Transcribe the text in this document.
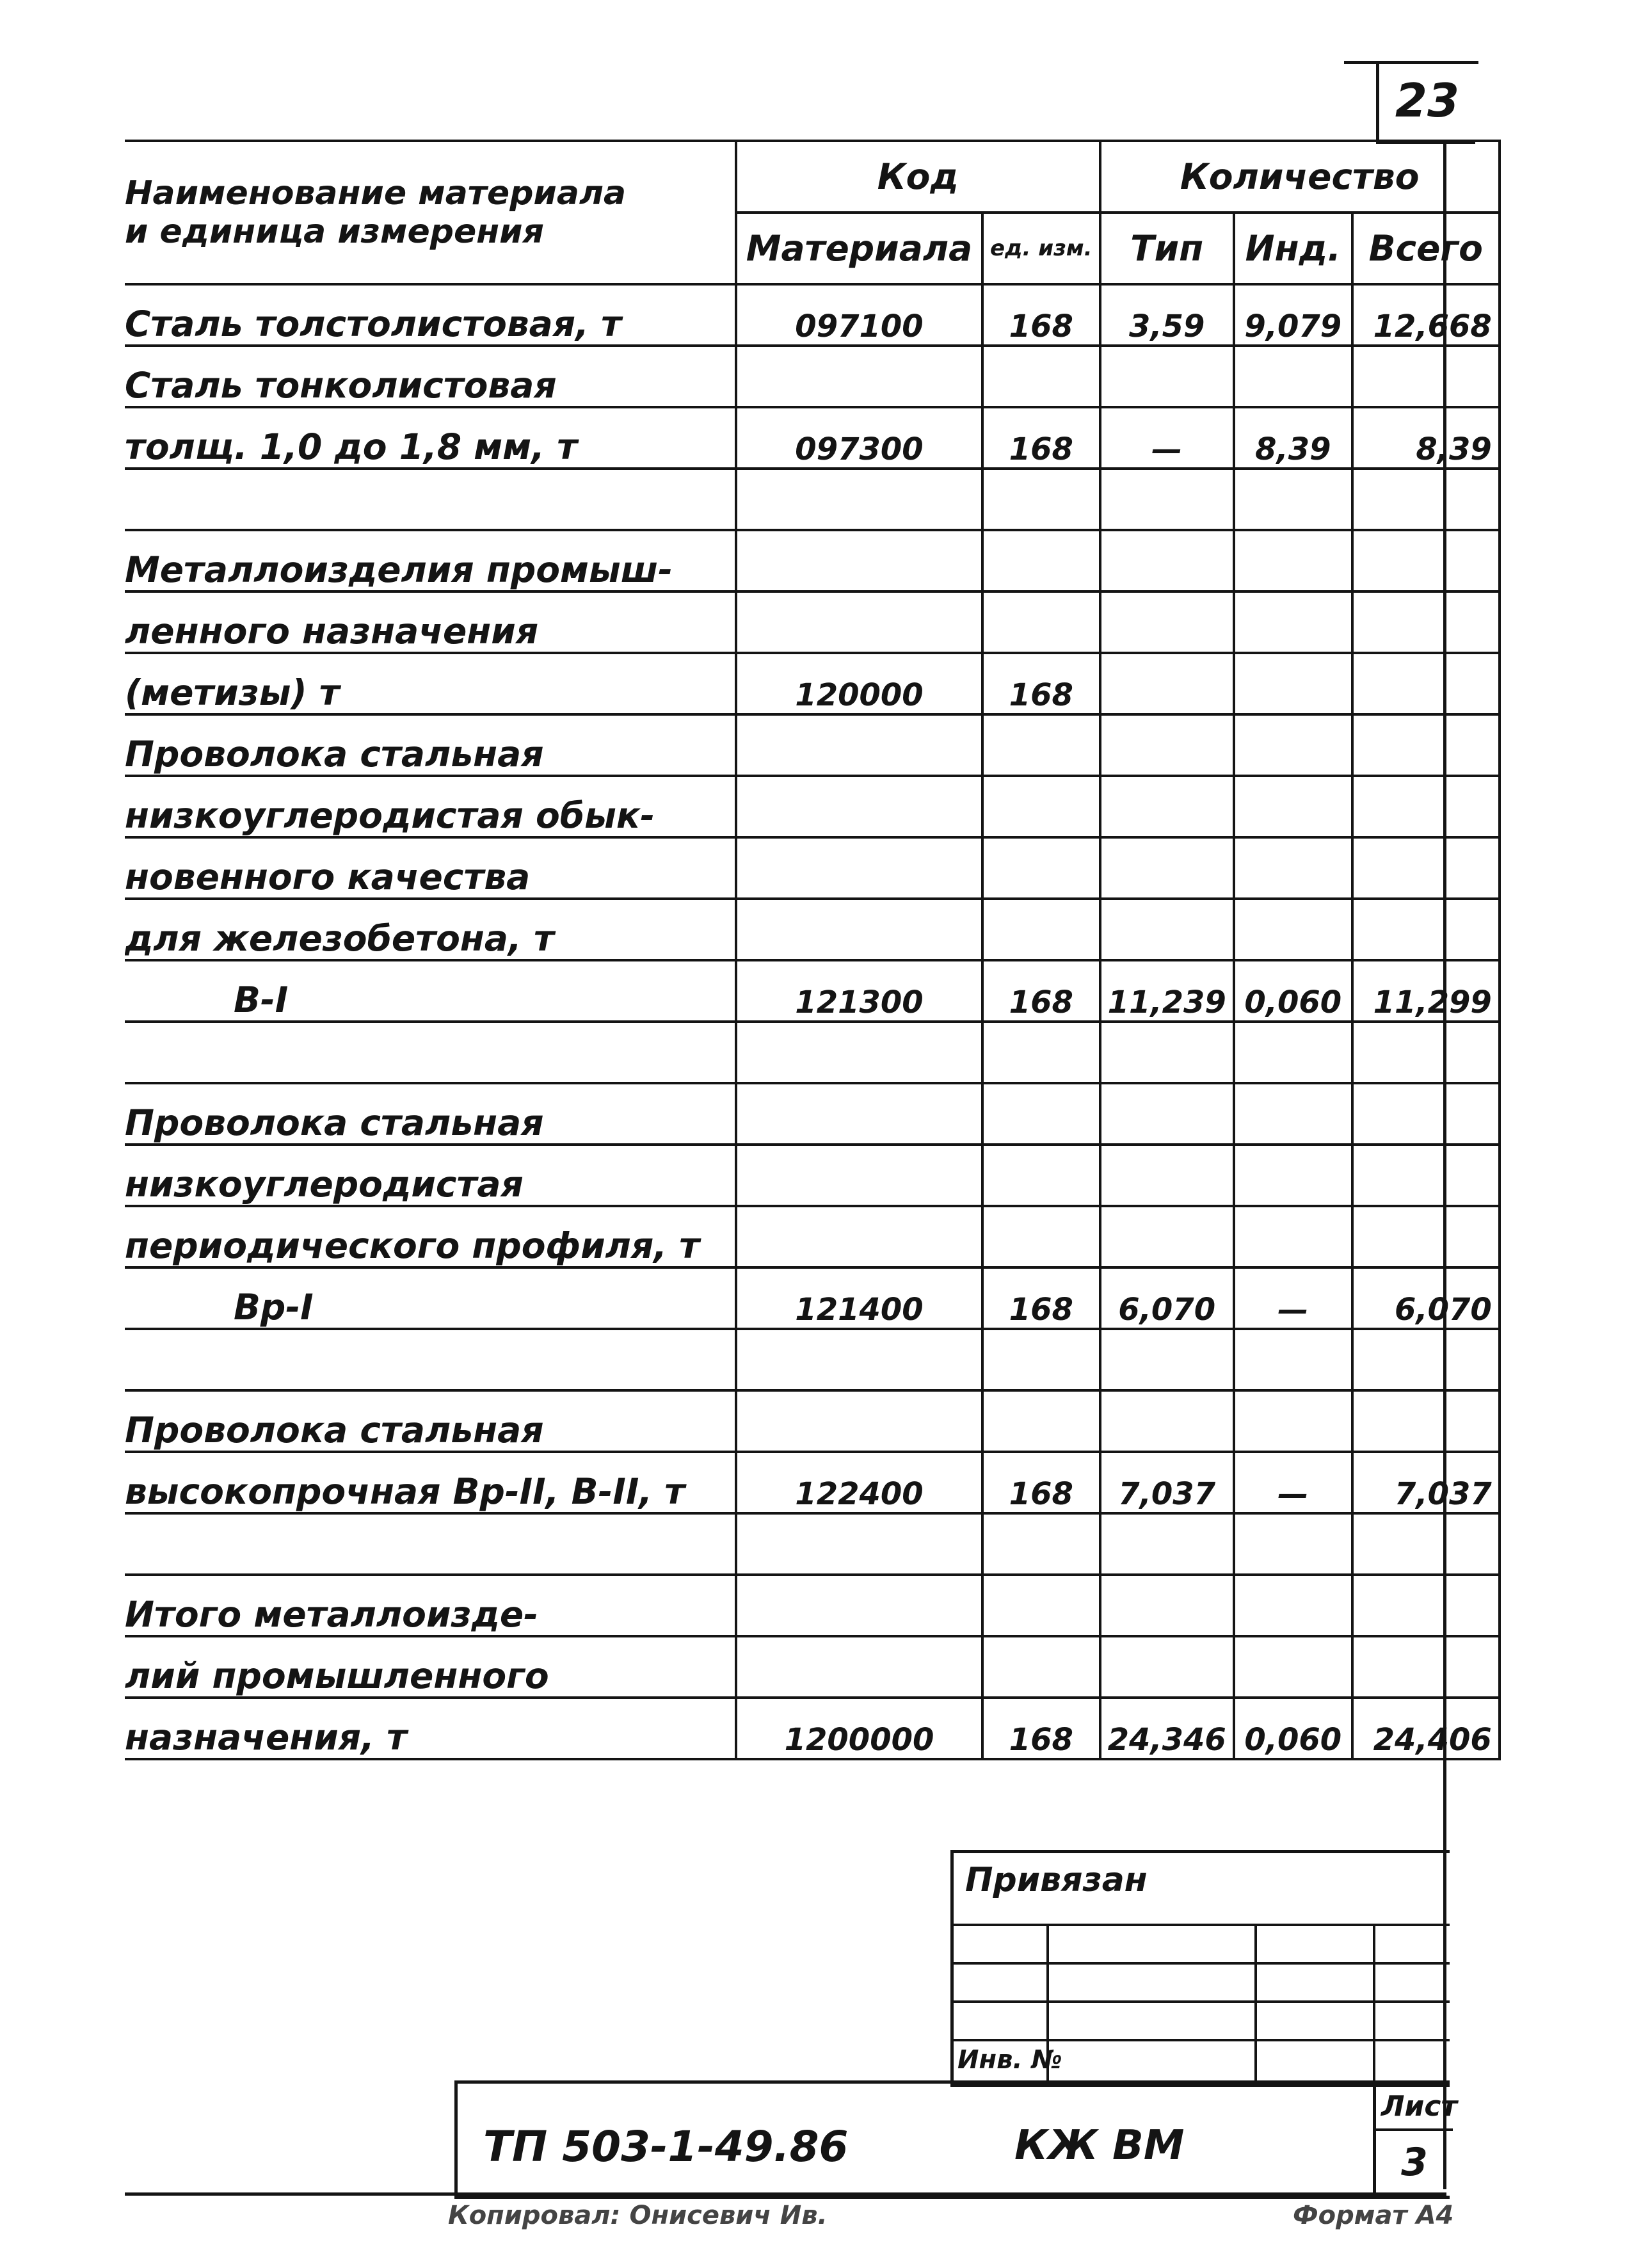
23
Наименование материала
и единица измерения	Код		Количество		
	Материала	ед. изм.	Тип	Инд.	Всего
Сталь толстолистовая, т	097100	168	3,59	9,079	12,668
Сталь тонколистовая					
толщ. 1,0 до 1,8 мм, т	097300	168	—	8,39	8,39

Металлоизделия промыш-					
ленного назначения					
(метизы) т	120000	168			
Проволока стальная					
низкоуглеродистая обык-					
новенного качества					
для железобетона, т					
В-I	121300	168	11,239	0,060	11,299

Проволока стальная					
низкоуглеродистая					
периодического профиля, т					
Вр-I	121400	168	6,070	—	6,070

Проволока стальная					
высокопрочная Вр-II, В-II, т	122400	168	7,037	—	7,037

Итого металлоизде-					
лий промышленного					
назначения, т	1200000	168	24,346	0,060	24,406
Привязан
Инв. №
ТП 503-1-49.86	КЖ ВМ
Лист
3
Копировал: Онисевич Ив.	Формат А4
